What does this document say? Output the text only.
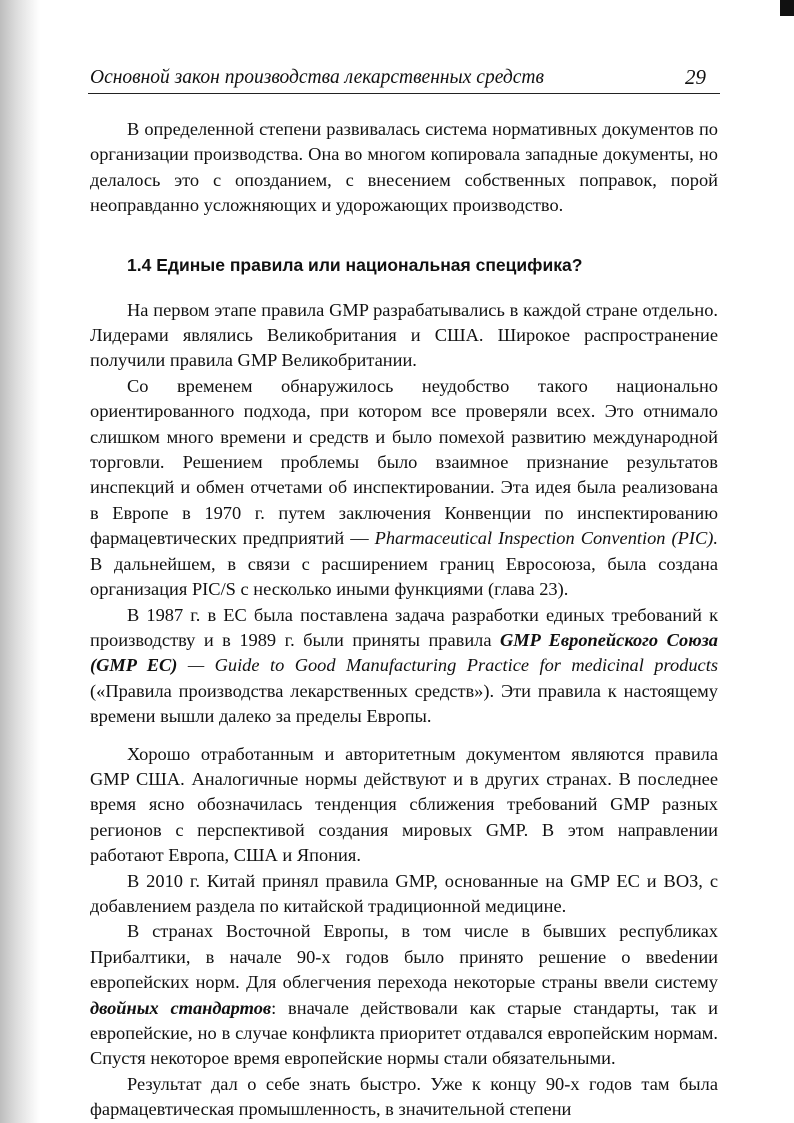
Основной закон производства лекарственных средств	29

В определенной степени развивалась система нормативных документов по организации производства. Она во многом копировала западные документы, но делалось это с опозданием, с внесением собственных поправок, порой неоправданно усложняющих и удорожающих производство.

1.4 Единые правила или национальная специфика?

На первом этапе правила GMP разрабатывались в каждой стране отдельно. Лидерами являлись Великобритания и США. Широкое распространение получили правила GMP Великобритании.

Со временем обнаружилось неудобство такого национально ориентированного подхода, при котором все проверяли всех. Это отнимало слишком много времени и средств и было помехой развитию международной торговли. Решением проблемы было взаимное признание результатов инспекций и обмен отчетами об инспектировании. Эта идея была реализована в Европе в 1970 г. путем заключения Конвенции по инспектированию фармацевтических предприятий — Pharmaceutical Inspection Convention (PIC). В дальнейшем, в связи с расширением границ Евросоюза, была создана организация PIC/S с несколько иными функциями (глава 23).

В 1987 г. в ЕС была поставлена задача разработки единых требований к производству и в 1989 г. были приняты правила GMP Европейского Союза (GMP ЕС) — Guide to Good Manufacturing Practice for medicinal products («Правила производства лекарственных средств»). Эти правила к настоящему времени вышли далеко за пределы Европы.

Хорошо отработанным и авторитетным документом являются правила GMP США. Аналогичные нормы действуют и в других странах. В последнее время ясно обозначилась тенденция сближения требований GMP разных регионов с перспективой создания мировых GMP. В этом направлении работают Европа, США и Япония.

В 2010 г. Китай принял правила GMP, основанные на GMP ЕС и ВОЗ, с добавлением раздела по китайской традиционной медицине.

В странах Восточной Европы, в том числе в бывших республиках Прибалтики, в начале 90-х годов было принято решение о ввеdении европейских норм. Для облегчения перехода некоторые страны ввели систему двойных стандартов: вначале действовали как старые стандарты, так и европейские, но в случае конфликта приоритет отдавался европейским нормам. Спустя некоторое время европейские нормы стали обязательными.

Результат дал о себе знать быстро. Уже к концу 90-х годов там была фармацевтическая промышленность, в значительной степени
